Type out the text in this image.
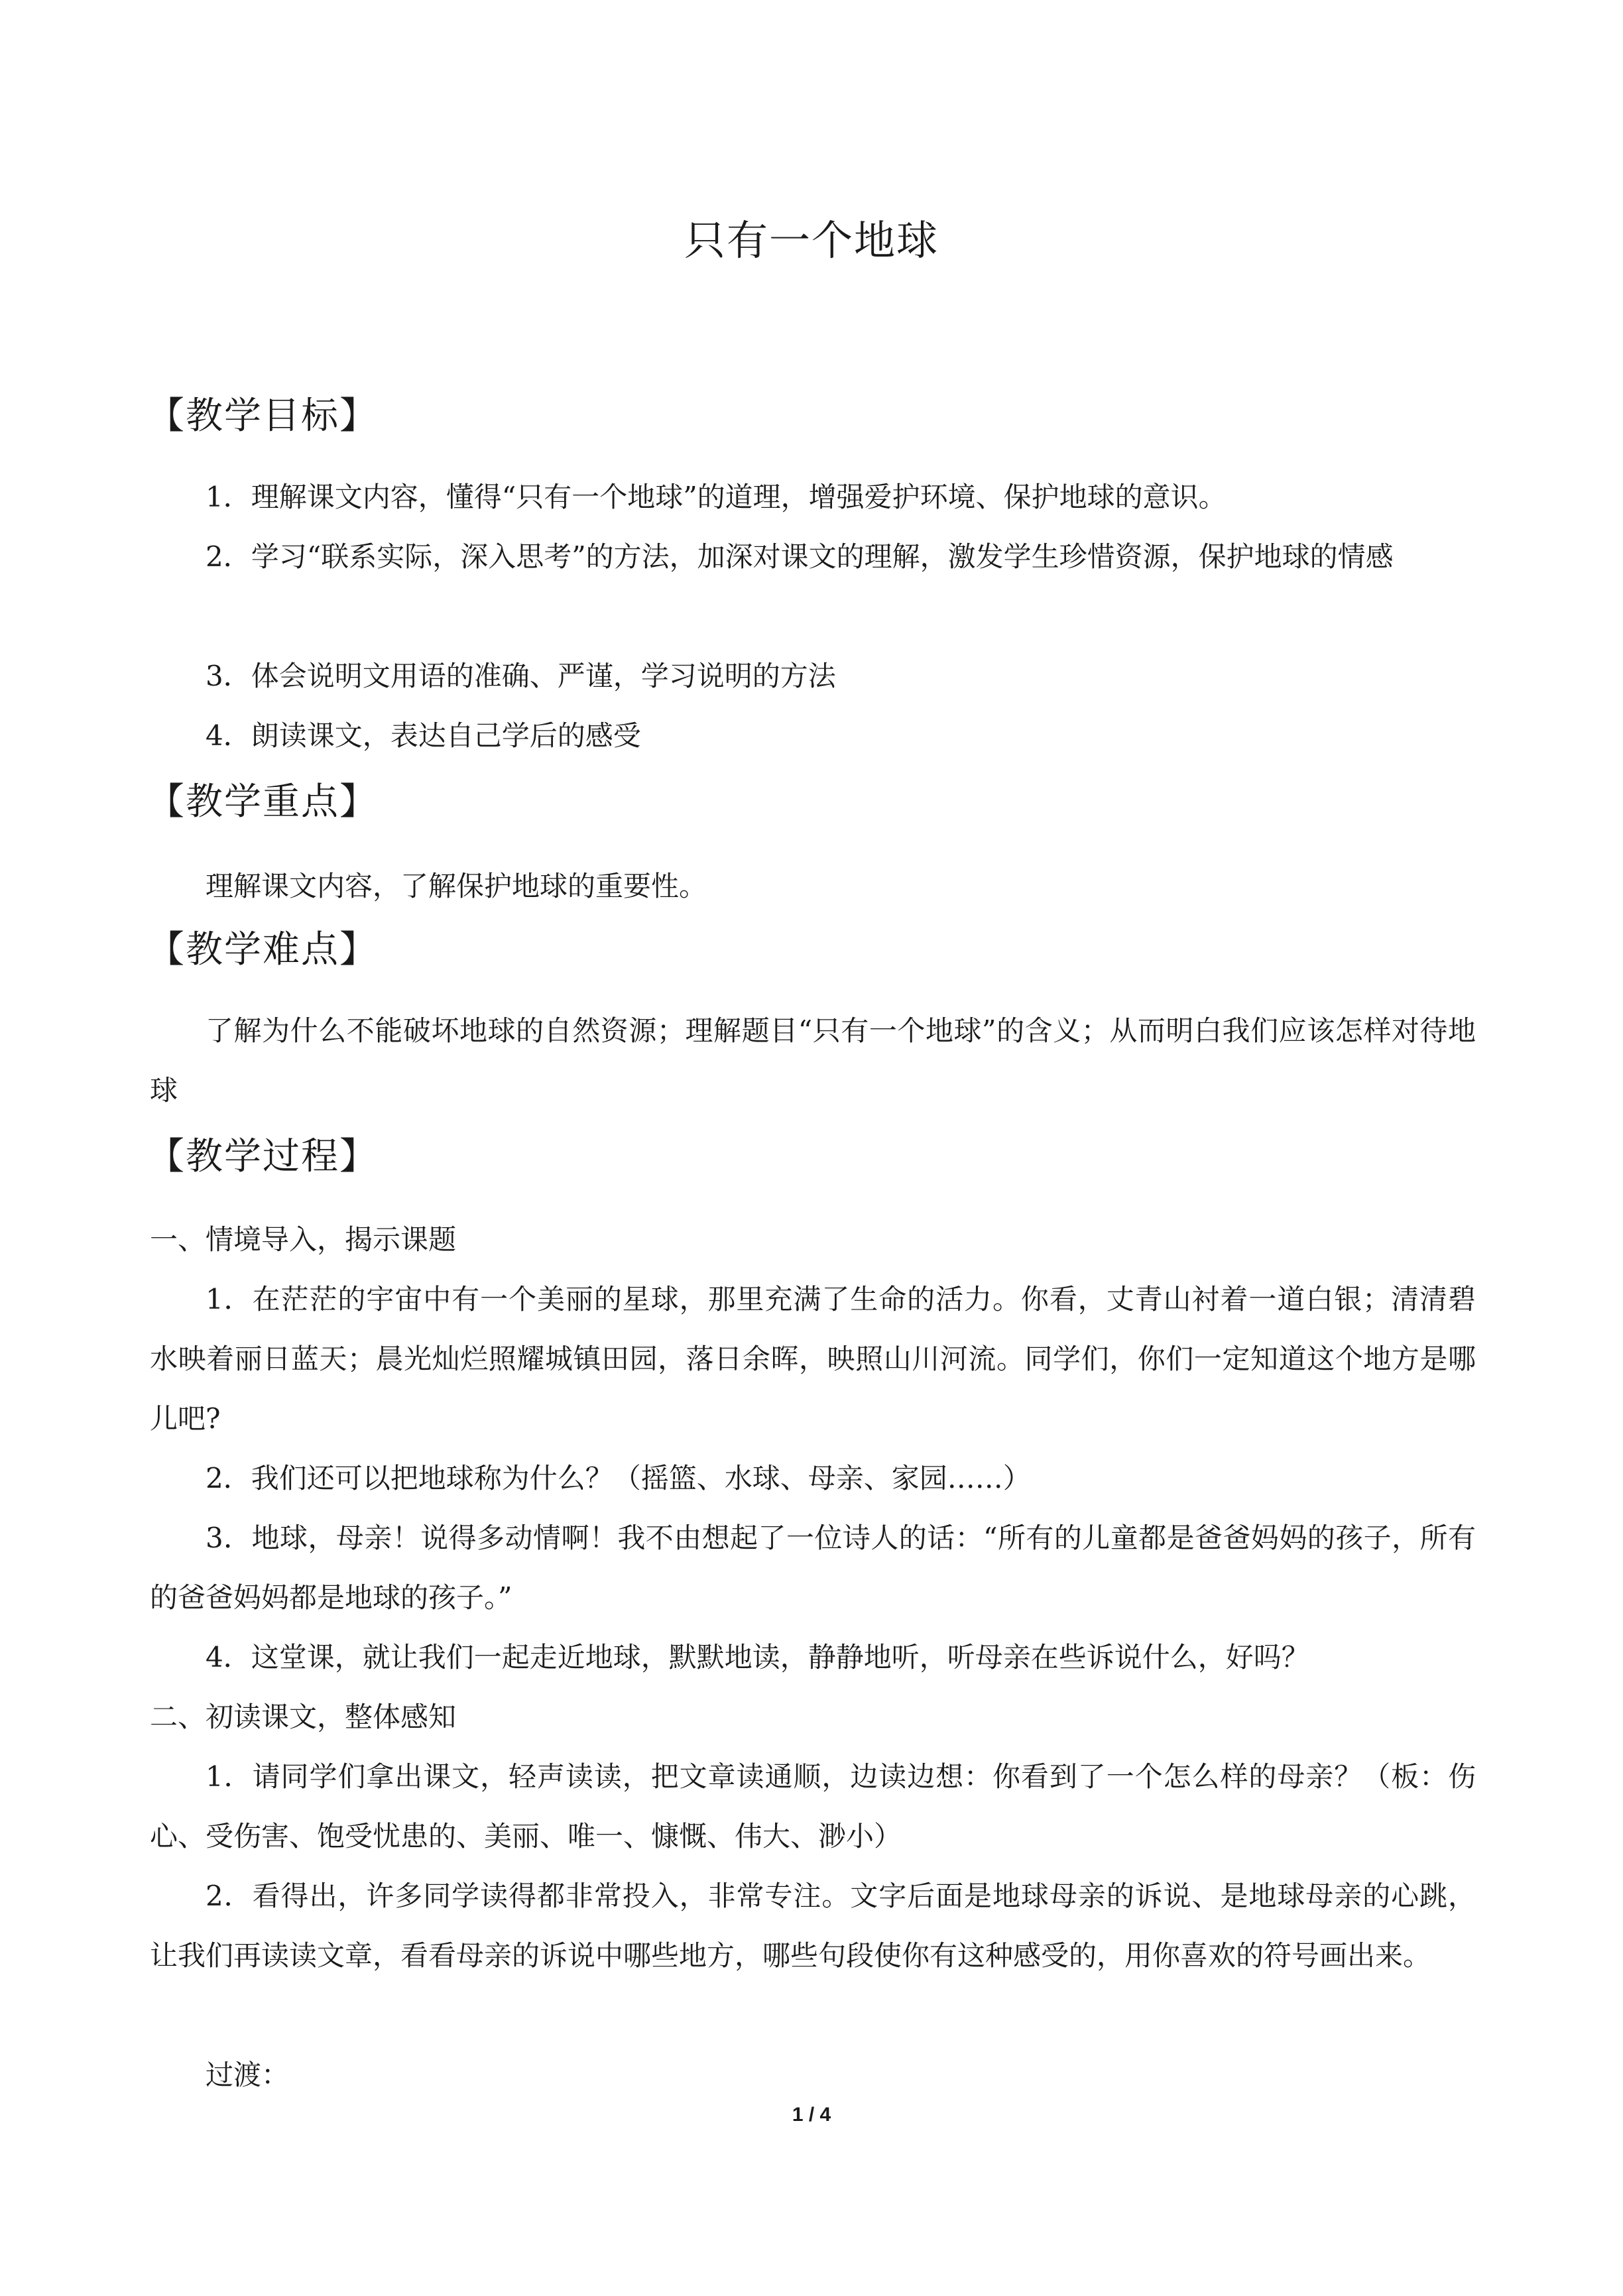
只有一个地球
【教学目标】
1．理解课文内容，懂得“只有一个地球”的道理，增强爱护环境、保护地球的意识。
2．学习“联系实际，深入思考”的方法，加深对课文的理解，激发学生珍惜资源，保护地球的情感
3．体会说明文用语的准确、严谨，学习说明的方法
4．朗读课文，表达自己学后的感受
【教学重点】
理解课文内容，了解保护地球的重要性。
【教学难点】
了解为什么不能破坏地球的自然资源；理解题目“只有一个地球”的含义；从而明白我们应该怎样对待地球
【教学过程】
一、情境导入，揭示课题
1．在茫茫的宇宙中有一个美丽的星球，那里充满了生命的活力。你看，丈青山衬着一道白银；清清碧水映着丽日蓝天；晨光灿烂照耀城镇田园，落日余晖，映照山川河流。同学们，你们一定知道这个地方是哪儿吧?
2．我们还可以把地球称为什么？（摇篮、水球、母亲、家园……）
3．地球，母亲！说得多动情啊！我不由想起了一位诗人的话：“所有的儿童都是爸爸妈妈的孩子，所有的爸爸妈妈都是地球的孩子。”
4．这堂课，就让我们一起走近地球，默默地读，静静地听，听母亲在些诉说什么，好吗？
二、初读课文，整体感知
1．请同学们拿出课文，轻声读读，把文章读通顺，边读边想：你看到了一个怎么样的母亲？（板：伤心、受伤害、饱受忧患的、美丽、唯一、慷慨、伟大、渺小）
2．看得出，许多同学读得都非常投入，非常专注。文字后面是地球母亲的诉说、是地球母亲的心跳，让我们再读读文章，看看母亲的诉说中哪些地方，哪些句段使你有这种感受的，用你喜欢的符号画出来。
过渡：
1 / 4
